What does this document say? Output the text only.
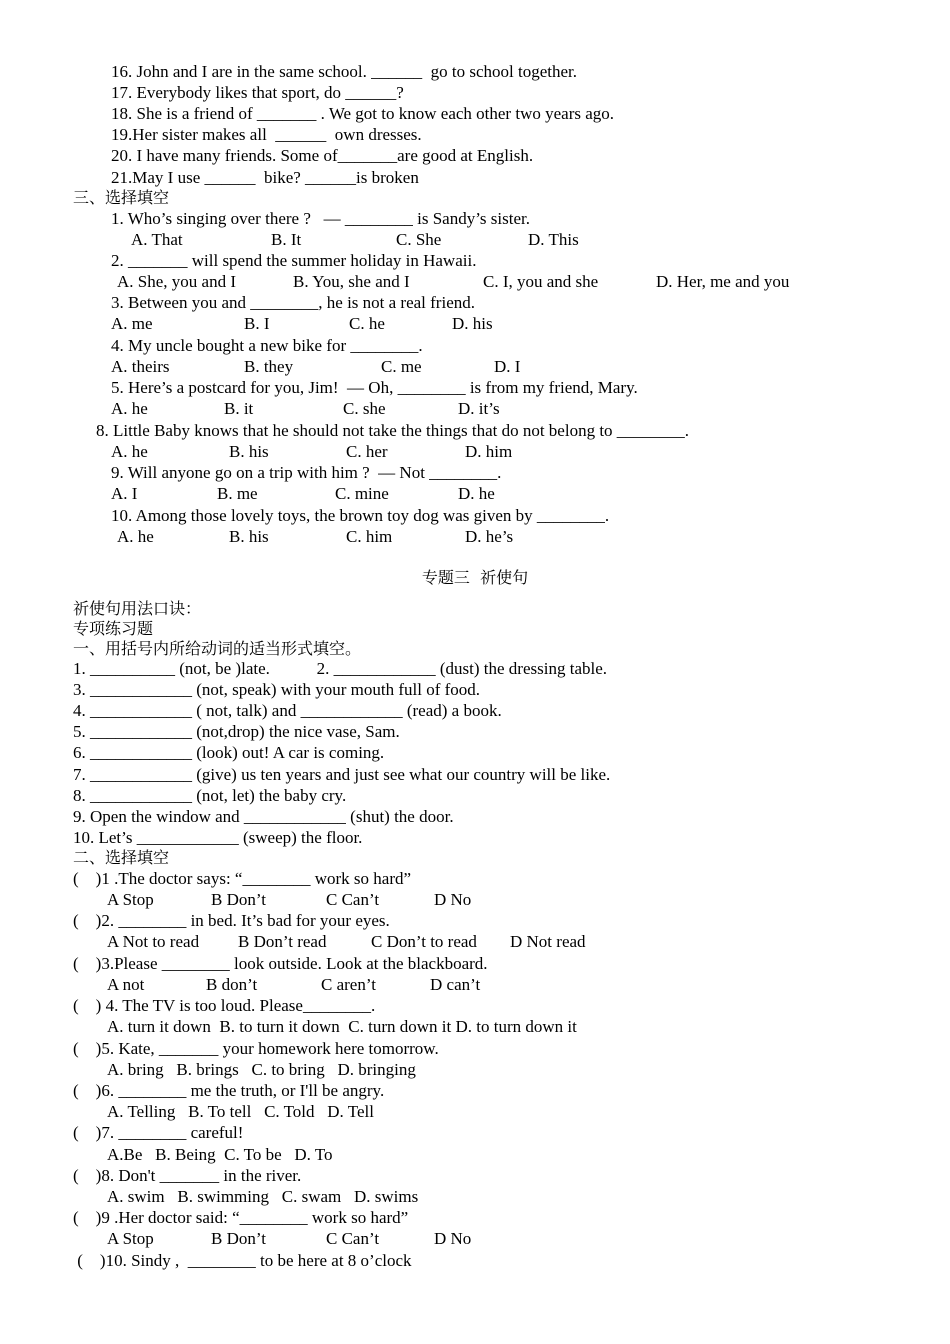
16. John and I are in the same school. ______  go to school together.
17. Everybody likes that sport, do ______?
18. She is a friend of _______ . We got to know each other two years ago.
19.Her sister makes all  ______  own dresses.
20. I have many friends. Some of_______are good at English.
21.May I use ______  bike? ______is broken
三、选择填空
1. Who’s singing over there ?   — ________ is Sandy’s sister.
A. That	B. It	C. She	D. This
2. _______ will spend the summer holiday in Hawaii.
A. She, you and I	B. You, she and I	C. I, you and she	D. Her, me and you
3. Between you and ________, he is not a real friend.
A. me	B. I	C. he	D. his
4. My uncle bought a new bike for ________.
A. theirs	B. they	C. me	D. I
5. Here’s a postcard for you, Jim!  — Oh, ________ is from my friend, Mary.
A. he	B. it	C. she	D. it’s
8. Little Baby knows that he should not take the things that do not belong to ________.
A. he	B. his	C. her	D. him
9. Will anyone go on a trip with him ?  — Not ________.
A. I	B. me	C. mine	D. he
10. Among those lovely toys, the brown toy dog was given by ________.
A. he	B. his	C. him	D. he’s
专题三  祈使句
祈使句用法口诀：
专项练习题
一、用括号内所给动词的适当形式填空。
1. __________ (not, be )late.           2. ____________ (dust) the dressing table.
3. ____________ (not, speak) with your mouth full of food.
4. ____________ ( not, talk) and ____________ (read) a book.
5. ____________ (not,drop) the nice vase, Sam.
6. ____________ (look) out! A car is coming.
7. ____________ (give) us ten years and just see what our country will be like.
8. ____________ (not, let) the baby cry.
9. Open the window and ____________ (shut) the door.
10. Let’s ____________ (sweep) the floor.
二、选择填空
(    )1 .The doctor says: “________ work so hard”
A Stop	B Don’t	C Can’t	D No
(    )2. ________ in bed. It’s bad for your eyes.
A Not to read B Don’t read	C Don’t to read D Not read
(    )3.Please ________ look outside. Look at the blackboard.
A not	B don’t	C aren’t	D can’t
(    ) 4. The TV is too loud. Please________.
A. turn it down  B. to turn it down  C. turn down it D. to turn down it
(    )5. Kate, _______ your homework here tomorrow.
A. bring   B. brings   C. to bring   D. bringing
(    )6. ________ me the truth, or I'll be angry.
A. Telling   B. To tell   C. Told   D. Tell
(    )7. ________ careful!
A.Be   B. Being  C. To be   D. To
(    )8. Don't _______ in the river.
A. swim   B. swimming   C. swam   D. swims
(    )9 .Her doctor said: “________ work so hard”
A Stop	B Don’t	C Can’t	D No
(    )10. Sindy ,  ________ to be here at 8 o’clock
